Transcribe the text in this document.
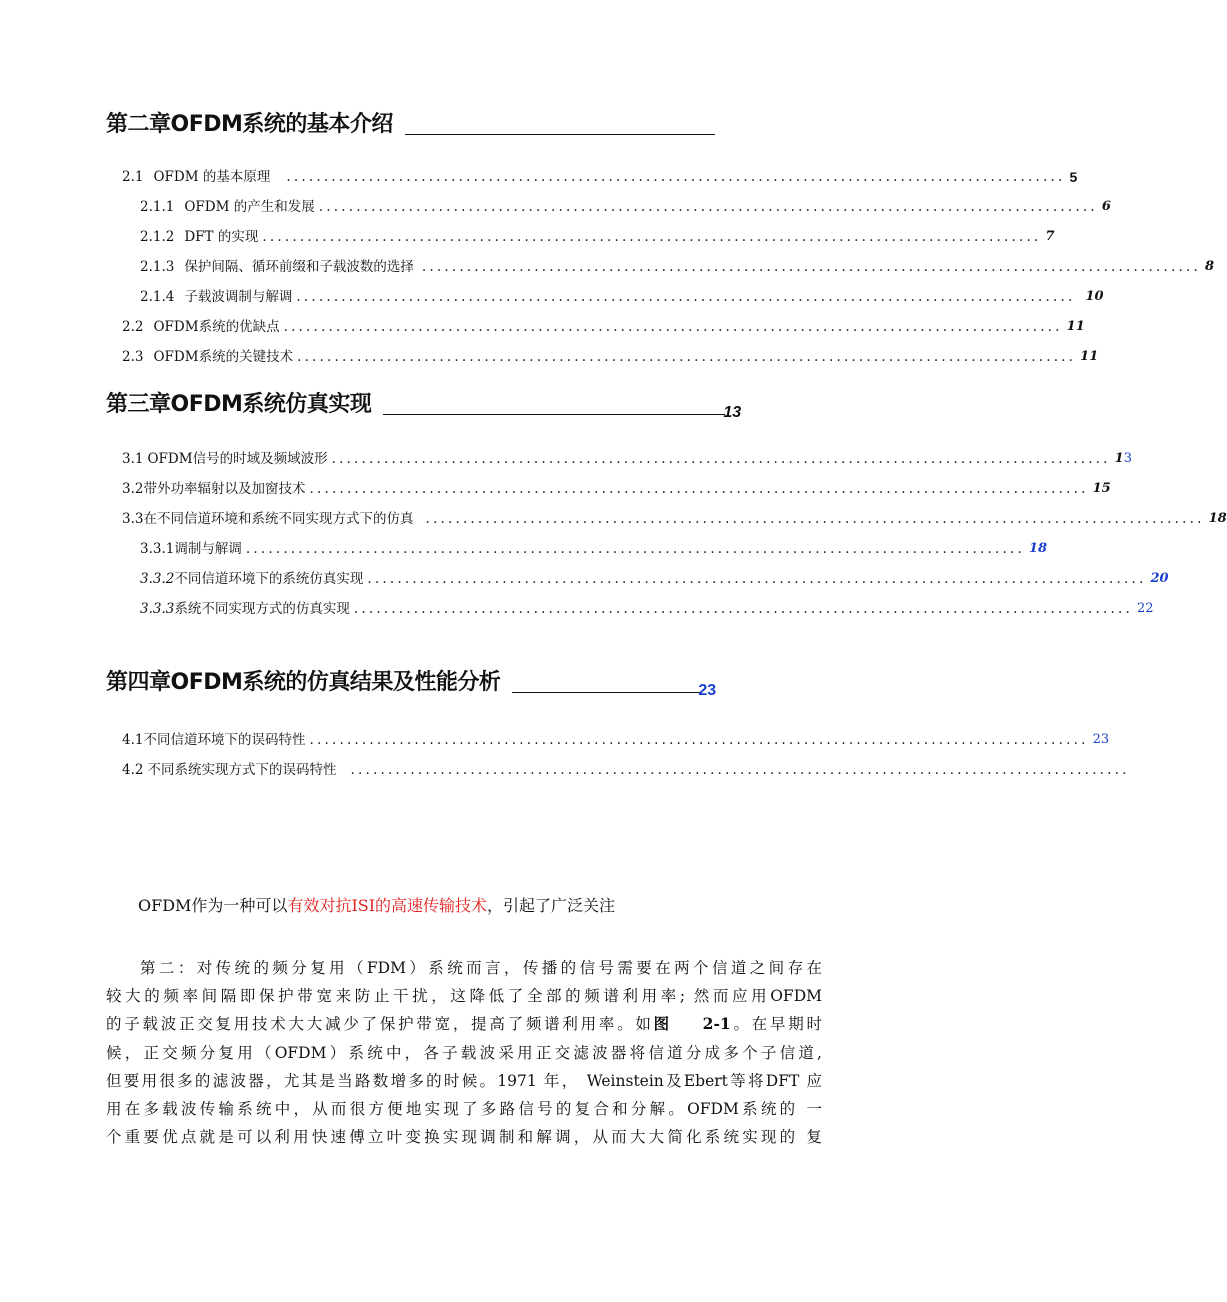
第二章OFDM系统的基本介绍
2.1 OFDM 的基本原理 ........................................................................................................ 5
2.1.1 OFDM 的产生和发展 ........................................................................................................ 6
2.1.2 DFT 的实现 ........................................................................................................ 7
2.1.3 保护间隔、循环前缀和子载波数的选择 ........................................................................................................ 8
2.1.4 子载波调制与解调 ........................................................................................................ 10
2.2 OFDM系统的优缺点 ........................................................................................................ 11
2.3 OFDM系统的关键技术 ........................................................................................................ 11
第三章OFDM系统仿真实现	13
3.1 OFDM信号的时域及频域波形 ........................................................................................................ 1 3
3.2 带外功率辐射以及加窗技术 ........................................................................................................ 15
3.3 在不同信道环境和系统不同实现方式下的仿真 ........................................................................................................ 18
3.3.1 调制与解调 ........................................................................................................ 18
3.3.2 不同信道环境下的系统仿真实现 ........................................................................................................ 20
3.3.3 系统不同实现方式的仿真实现 ........................................................................................................ 22
第四章OFDM系统的仿真结果及性能分析	23
4.1 不同信道环境下的误码特性 ........................................................................................................ 23
4.2 不同系统实现方式下的误码特性 ........................................................................................................
OFDM作为一种可以有效对抗ISI的高速传输技术，引起了广泛关注
第二：对传统的频分复用（FDM）系统而言，传播的信号需要在两个信道之间存在
较大的频率间隔即保护带宽来防止干扰，这降低了全部的频谱利用率; 然而应用OFDM
的子载波正交复用技术大大减少了保护带宽，提高了频谱利用率。如图 2-1。在早期时
候，正交频分复用（OFDM）系统中，各子载波采用正交滤波器将信道分成多个子信道,
但要用很多的滤波器，尤其是当路数增多的时候。1971 年， Weinstein及Ebert等将DFT 应
用在多载波传输系统中，从而很方便地实现了多路信号的复合和分解。OFDM系统的 一
个重要优点就是可以利用快速傅立叶变换实现调制和解调，从而大大简化系统实现的 复
